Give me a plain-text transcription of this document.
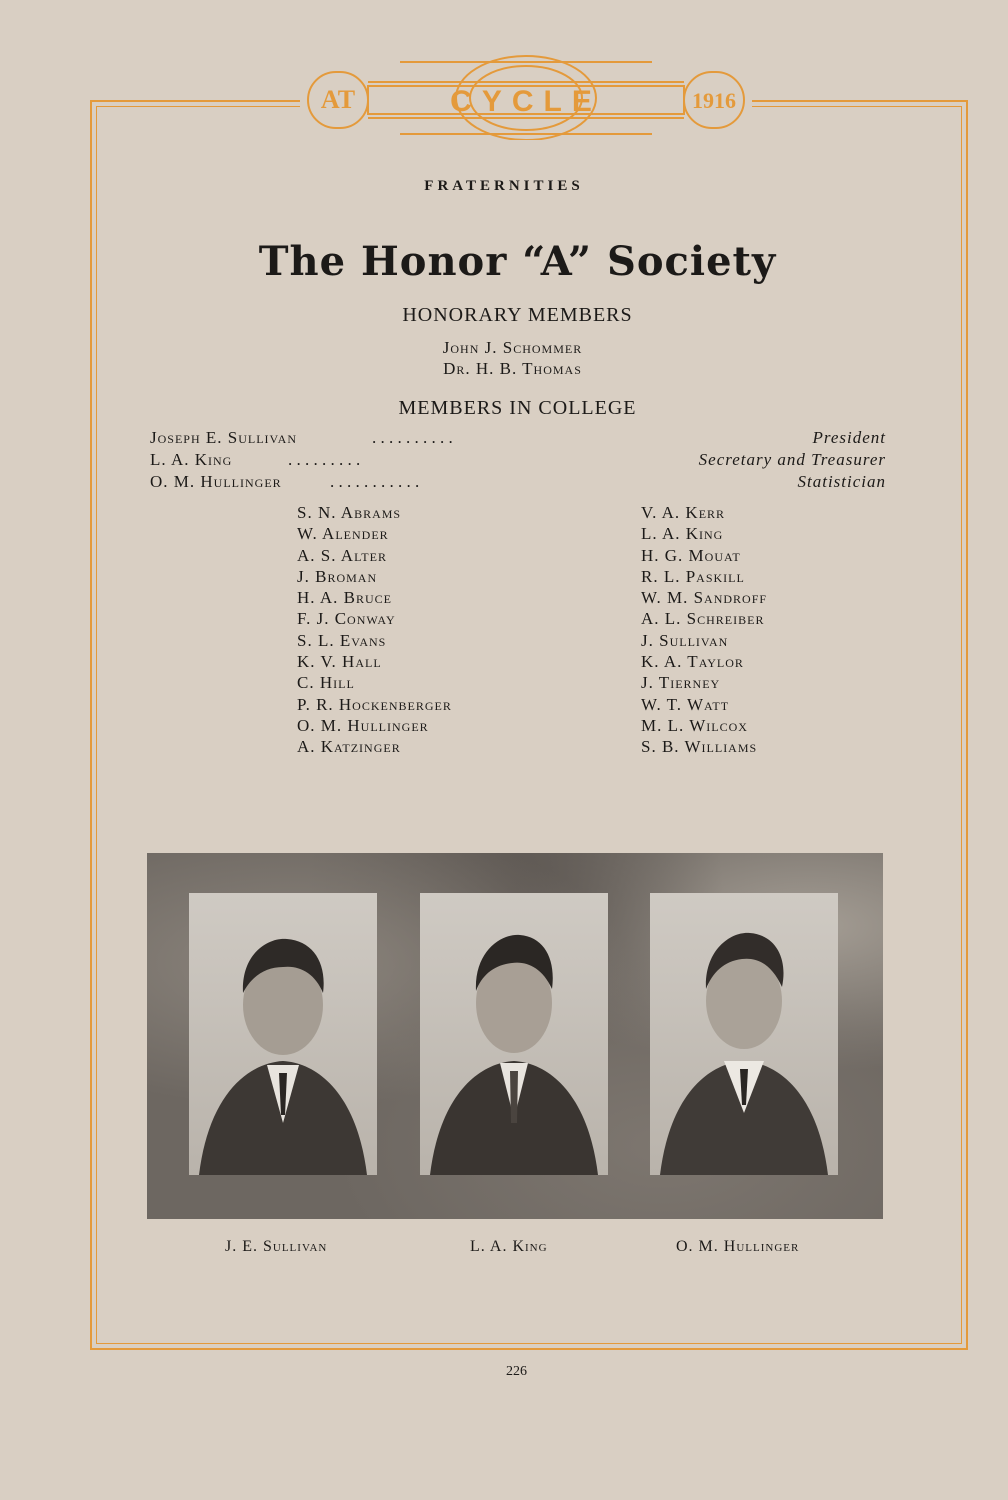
AT	CYCLE	1916
FRATERNITIES
The Honor “A” Society
HONORARY MEMBERS
John J. Schommer
Dr. H. B. Thomas
MEMBERS IN COLLEGE
Joseph E. Sullivan	. . . . . . . . . .	President
L. A. King	. . . . . . . . .	Secretary and Treasurer
O. M. Hullinger	. . . . . . . . . . .	Statistician
S. N. Abrams
W. Alender
A. S. Alter
J. Broman
H. A. Bruce
F. J. Conway
S. L. Evans
K. V. Hall
C. Hill
P. R. Hockenberger
O. M. Hullinger
A. Katzinger
V. A. Kerr
L. A. King
H. G. Mouat
R. L. Paskill
W. M. Sandroff
A. L. Schreiber
J. Sullivan
K. A. Taylor
J. Tierney
W. T. Watt
M. L. Wilcox
S. B. Williams
J. E. Sullivan	L. A. King	O. M. Hullinger
226
